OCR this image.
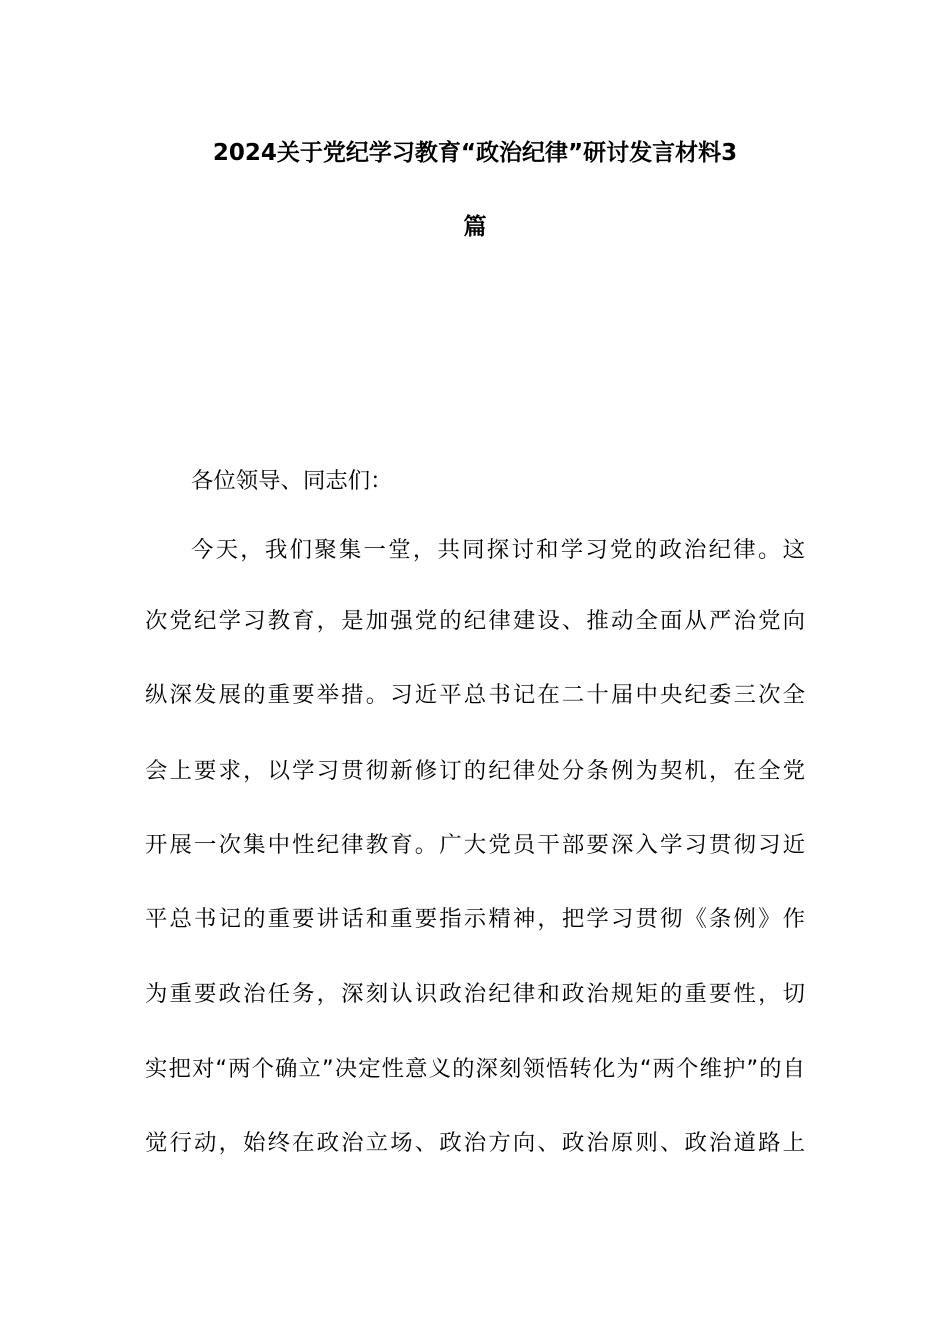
2024关于党纪学习教育“政治纪律”研讨发言材料3
篇
各位领导、同志们：
今天，我们聚集一堂，共同探讨和学习党的政治纪律。这
次党纪学习教育，是加强党的纪律建设、推动全面从严治党向
纵深发展的重要举措。习近平总书记在二十届中央纪委三次全
会上要求，以学习贯彻新修订的纪律处分条例为契机，在全党
开展一次集中性纪律教育。广大党员干部要深入学习贯彻习近
平总书记的重要讲话和重要指示精神，把学习贯彻《条例》作
为重要政治任务，深刻认识政治纪律和政治规矩的重要性，切
实把对“两个确立”决定性意义的深刻领悟转化为“两个维护”的自
觉行动，始终在政治立场、政治方向、政治原则、政治道路上
